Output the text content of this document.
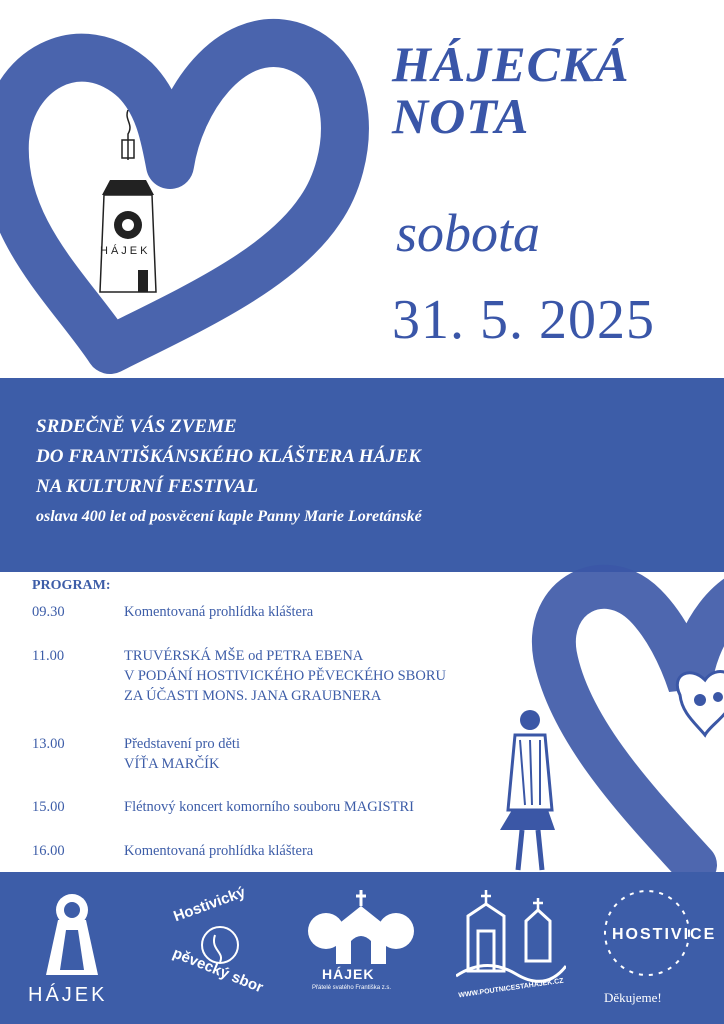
HÁJEK
HÁJECKÁ
NOTA
sobota
31. 5. 2025
SRDEČNĚ VÁS ZVEME
DO FRANTIŠKÁNSKÉHO KLÁŠTERA HÁJEK
NA KULTURNÍ FESTIVAL
oslava 400 let od posvěcení kaple Panny Marie Loretánské
PROGRAM:
09.30	Komentovaná prohlídka kláštera
11.00	TRUVÉRSKÁ MŠE od PETRA EBENA
V PODÁNÍ HOSTIVICKÉHO PĚVECKÉHO SBORU
ZA ÚČASTI MONS. JANA GRAUBNERA
13.00	Představení pro děti
VÍŤA MARČÍK
15.00	Flétnový koncert komorního souboru MAGISTRI
16.00	Komentovaná prohlídka kláštera
HÁJEK
Hostivický
pěvecký sbor	HÁJEK
Přátelé svatého Františka z.s.	WWW.POUTNICESTAHAJEK.CZ
HOSTIVICE
Děkujeme!
